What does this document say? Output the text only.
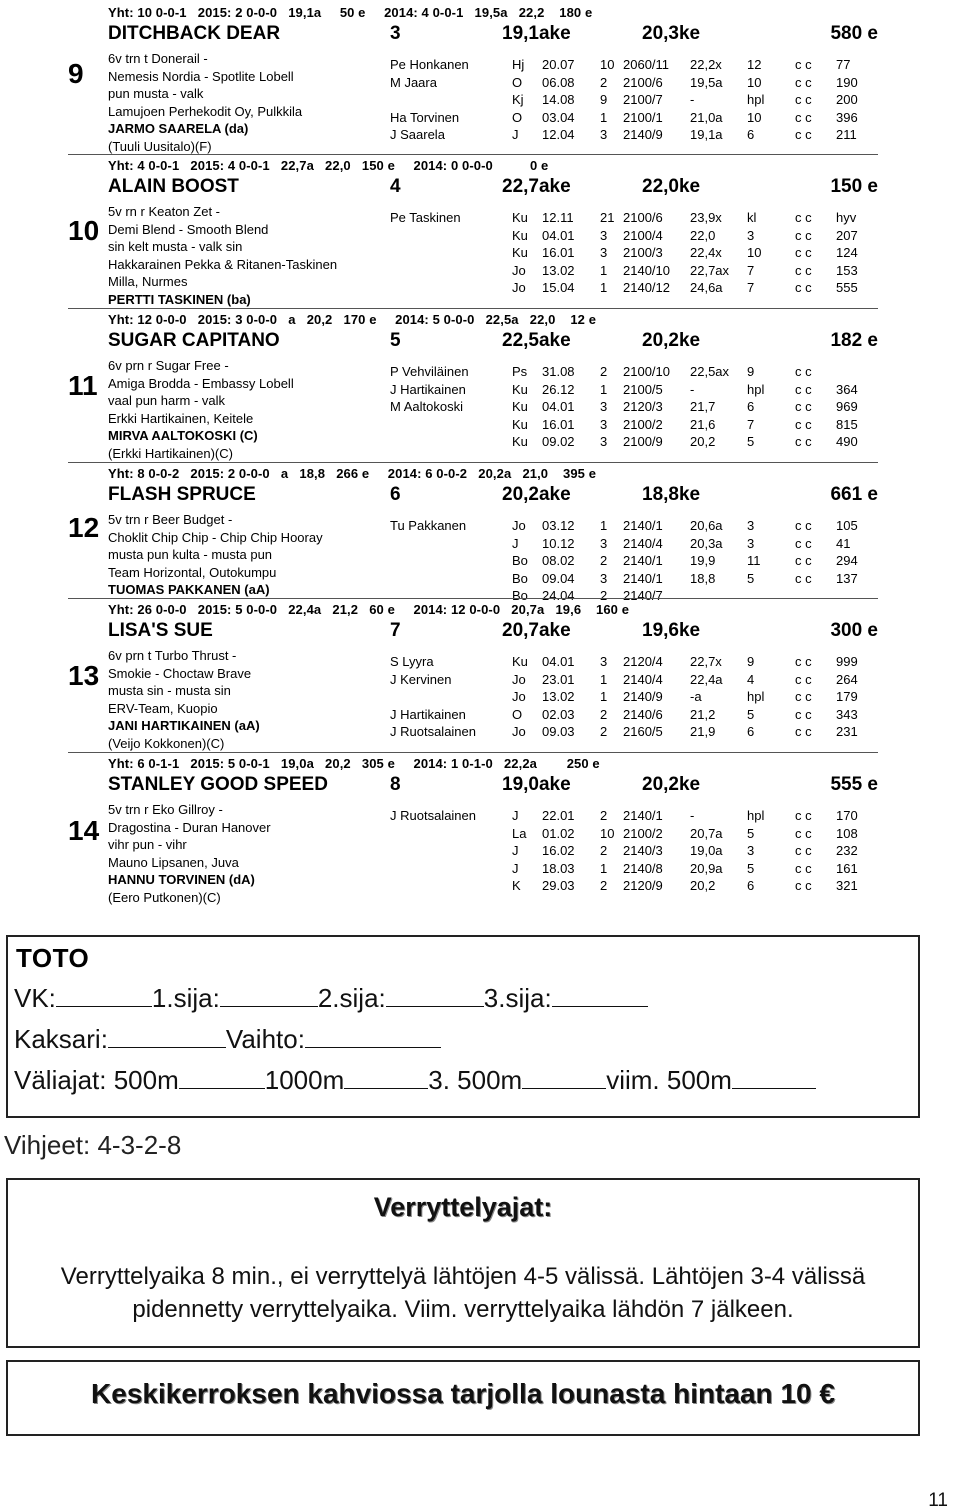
Yht: 10 0-0-1   2015: 2 0-0-0   19,1a     50 e     2014: 4 0-0-1   19,5a   22,2    180 e
9
DITCHBACK DEAR	3	19,1ake	20,3ke	580 e
6v trn t Donerail -
Nemesis Nordia - Spotlite Lobell
pun musta - valk
Lamujoen Perhekodit Oy, Pulkkila
JARMO SAARELA (da)
(Tuuli Uusitalo)(F)
Pe Honkanen	Hj 20.07 10 2060/11 22,2x 12	c c 77
M Jaara	O 06.08 2 2100/6 19,5a 10	c c 190
Kj 14.08 9 2100/7 -	hpl c c 200
Ha Torvinen	O 03.04 1 2100/1 21,0a 10	c c 396
J Saarela	J 12.04 3 2140/9 19,1a 6	c c 211
Yht: 4 0-0-1   2015: 4 0-0-1   22,7a   22,0   150 e     2014: 0 0-0-0          0 e
10
ALAIN BOOST	4	22,7ake	22,0ke	150 e
5v rn r Keaton Zet -
Demi Blend - Smooth Blend
sin kelt musta - valk sin
Hakkarainen Pekka & Ritanen-Taskinen
Milla, Nurmes
PERTTI TASKINEN (ba)
Pe Taskinen	Ku 12.11 21 2100/6 23,9x kl	c c hyv
Ku 04.01 3 2100/4 22,0 3	c c 207
Ku 16.01 3 2100/3 22,4x 10	c c 124
Jo 13.02 1 2140/10 22,7ax 7	c c 153
Jo 15.04 1 2140/12 24,6a 7	c c 555
Yht: 12 0-0-0   2015: 3 0-0-0   a   20,2   170 e     2014: 5 0-0-0   22,5a   22,0    12 e
11
SUGAR CAPITANO	5	22,5ake	20,2ke	182 e
6v prn r Sugar Free -
Amiga Brodda - Embassy Lobell
vaal pun harm - valk
Erkki Hartikainen, Keitele
MIRVA AALTOKOSKI (C)
(Erkki Hartikainen)(C)
P Vehviläinen	Ps 31.08 2 2100/10 22,5ax 9	c c
J Hartikainen	Ku 26.12 1 2100/5 -	hpl c c 364
M Aaltokoski	Ku 04.01 3 2120/3 21,7 6	c c 969
Ku 16.01 3 2100/2 21,6 7	c c 815
Ku 09.02 3 2100/9 20,2 5	c c 490
Yht: 8 0-0-2   2015: 2 0-0-0   a   18,8   266 e     2014: 6 0-0-2   20,2a   21,0    395 e
12
FLASH SPRUCE	6	20,2ake	18,8ke	661 e
5v trn r Beer Budget -
Choklit Chip Chip - Chip Chip Hooray
musta pun kulta - musta pun
Team Horizontal, Outokumpu
TUOMAS PAKKANEN (aA)
Tu Pakkanen	Jo 03.12 1 2140/1 20,6a 3	c c 105
J 10.12 3 2140/4 20,3a 3	c c 41
Bo 08.02 2 2140/1 19,9 11	c c 294
Bo 09.04 3 2140/1 18,8 5	c c 137
Bo 24.04 2 2140/7
Yht: 26 0-0-0   2015: 5 0-0-0   22,4a   21,2   60 e     2014: 12 0-0-0   20,7a   19,6    160 e
13
LISA'S SUE	7	20,7ake	19,6ke	300 e
6v prn t Turbo Thrust -
Smokie - Choctaw Brave
musta sin - musta sin
ERV-Team, Kuopio
JANI HARTIKAINEN (aA)
(Veijo Kokkonen)(C)
S Lyyra	Ku 04.01 3 2120/4 22,7x 9	c c 999
J Kervinen	Jo 23.01 1 2140/4 22,4a 4	c c 264
Jo 13.02 1 2140/9 -a	hpl c c 179
J Hartikainen	O 02.03 2 2140/6 21,2 5	c c 343
J Ruotsalainen	Jo 09.03 2 2160/5 21,9 6	c c 231
Yht: 6 0-1-1   2015: 5 0-0-1   19,0a   20,2   305 e     2014: 1 0-1-0   22,2a        250 e
14
STANLEY GOOD SPEED	8	19,0ake	20,2ke	555 e
5v trn r Eko Gillroy -
Dragostina - Duran Hanover
vihr pun - vihr
Mauno Lipsanen, Juva
HANNU TORVINEN (dA)
(Eero Putkonen)(C)
J Ruotsalainen	J 22.01 2 2140/1 -	hpl c c 170
La 01.02 10 2100/2 20,7a 5	c c 108
J 16.02 2 2140/3 19,0a 3	c c 232
J 18.03 1 2140/8 20,9a 5	c c 161
K 29.03 2 2120/9 20,2 6	c c 321
TOTO
VK:	1.sija:	2.sija:	3.sija:
Kaksari:	Vaihto:
Väliajat: 500m	1000m	3. 500m	viim. 500m
Vihjeet: 4-3-2-8
Verryttelyajat:
Verryttelyaika 8 min., ei verryttelyä lähtöjen 4-5 välissä. Lähtöjen 3-4 välissä
pidennetty verryttelyaika. Viim. verryttelyaika lähdön 7 jälkeen.
Keskikerroksen kahviossa tarjolla lounasta hintaan 10 €
11
